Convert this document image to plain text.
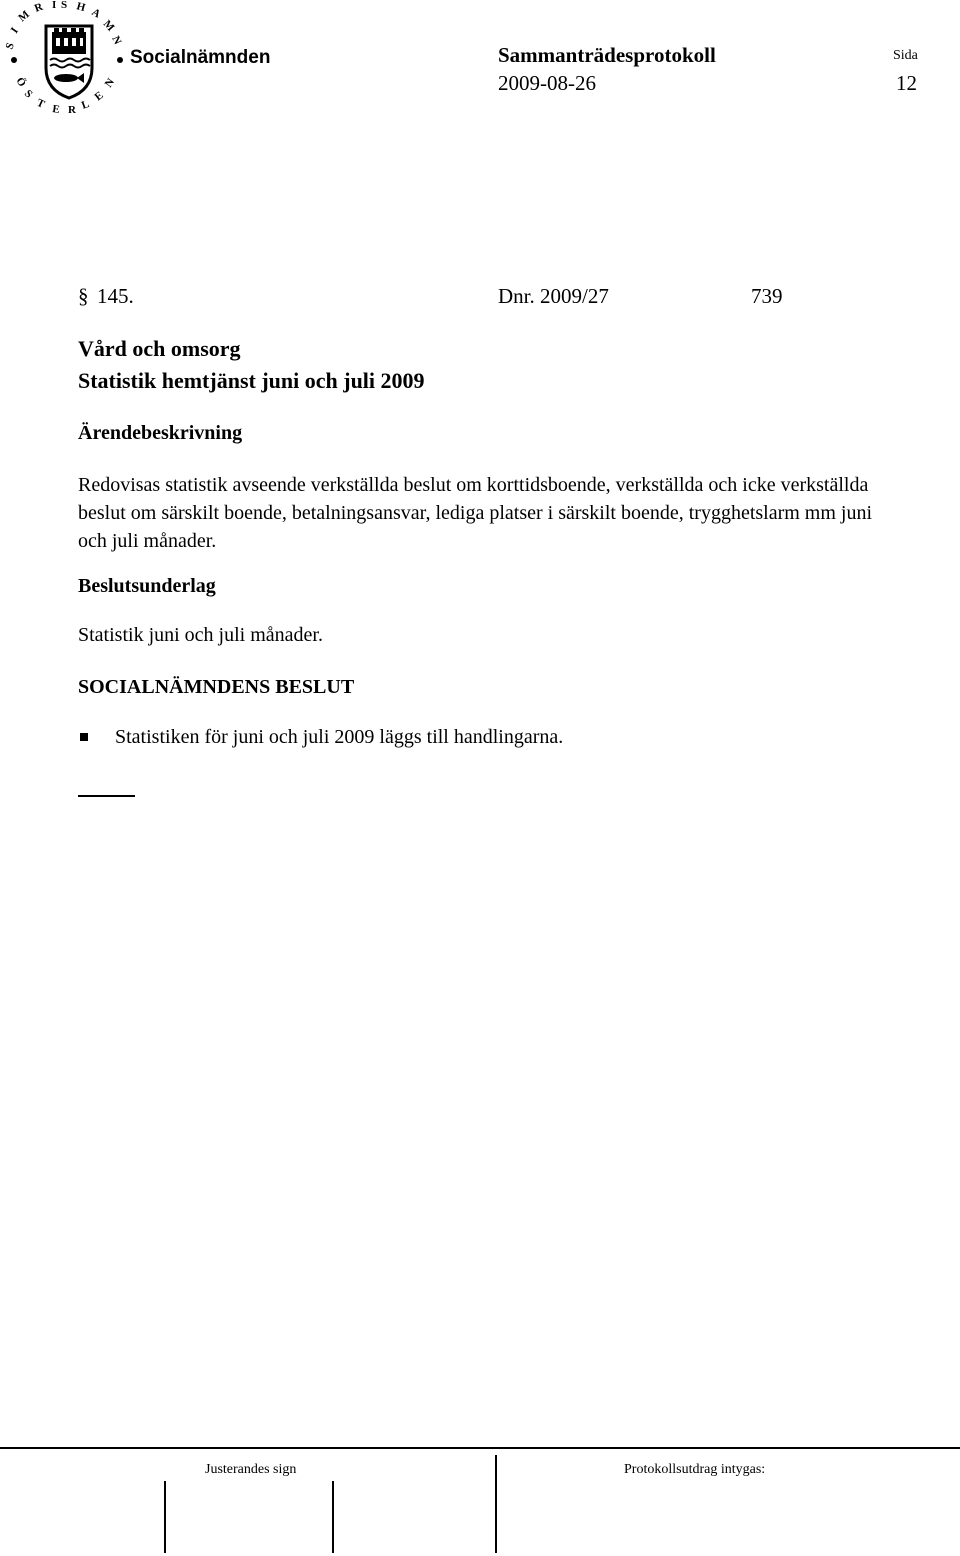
S
I
M
R I S H A
M
N
Ö
S
T E R L
E
N
Socialnämnden	Sammanträdesprotokoll
2009-08-26
Sida
12
§ 145.	Dnr. 2009/27	739
Vård och omsorg
Statistik hemtjänst juni och juli 2009
Ärendebeskrivning
Redovisas statistik avseende verkställda beslut om korttidsboende, verkställda och icke verkställda beslut om särskilt boende, betalningsansvar, lediga platser i särskilt boende, trygghetslarm mm juni och juli månader.
Beslutsunderlag
Statistik juni och juli månader.
SOCIALNÄMNDENS BESLUT
Statistiken för juni och juli 2009 läggs till handlingarna.
Justerandes sign	Protokollsutdrag intygas:
